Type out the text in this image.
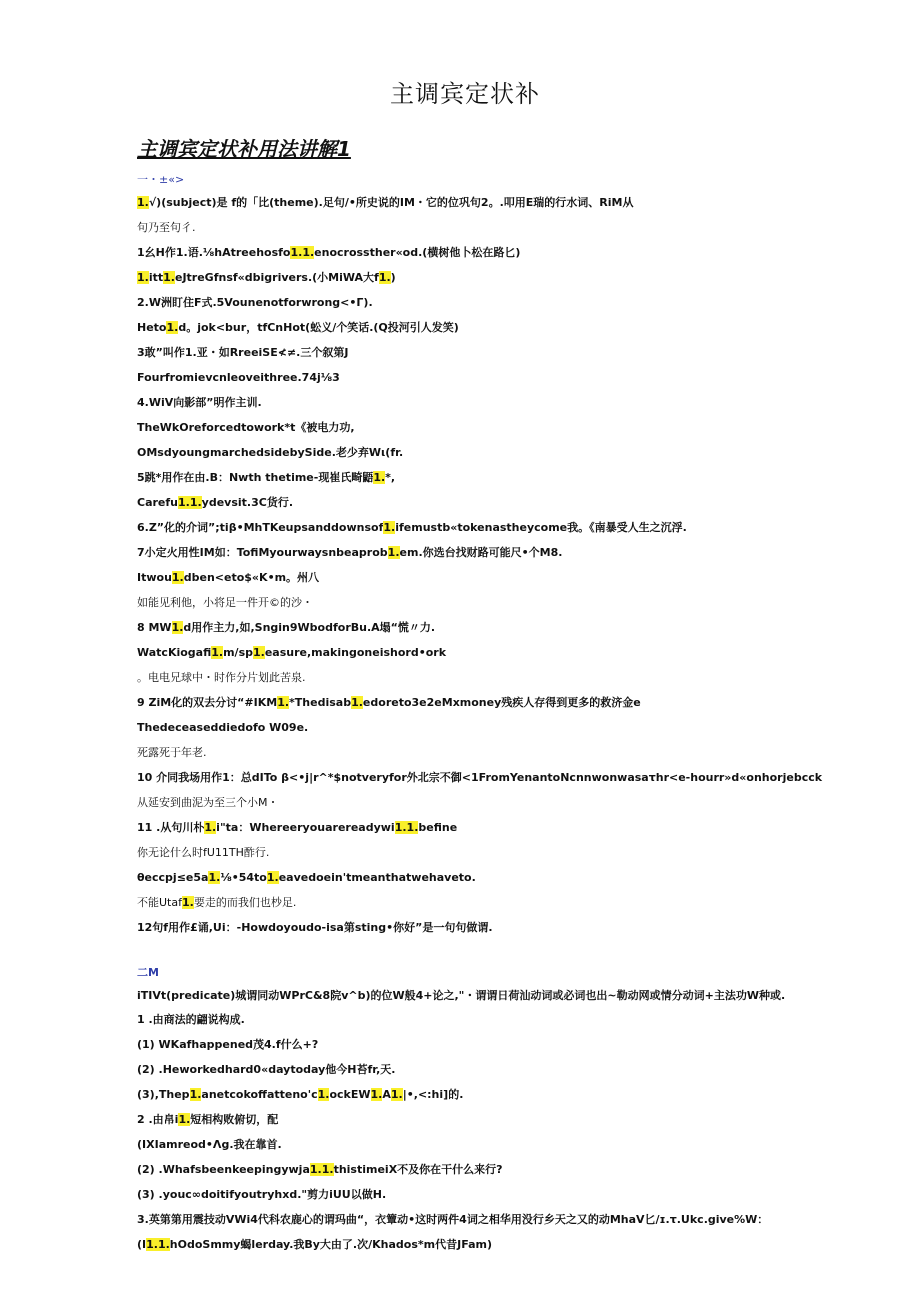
主调宾定状补
主调宾定状补用法讲解1
一・±«>
1.√)(subject)是 f的「比(theme).足句/•所史说的IM・它的位巩句2。.叩用E瑞的行水词、RiM从
句乃至句彳.
1幺H作1.语.⅛hAtreehosfo1.1.enocrossther«od.(横树他卜松在路匕)
1.itt1.eJtreGfnsf«dbigrivers.(小MiWA大f1.)
2.W洲盯住F式.5Vounenotforwrong<•Γ).
Heto1.d。jok<bur，tfCnHot(蚣义/个笑话.(Q投河引人发笑)
3敢”叫作1.亚・如RreeiSE≮≠.三个叙第J
Fourfromievcnleoveithree.74j⅛3
4.WiV向影部”明作主训.
TheWkOreforcedtowork*t《被电力功,
OMsdyoungmarchedsidebySide.老少弃Wι(fr.
5跳*用作在由.B：Nwth thetime-现崔氏畸鼯1.*,
Carefu1.1.ydevsit.3C货行.
6.Z”化的介词”;tiβ•MhTKeupsanddownsof1.ifemustb«tokenastheycome我。《南暴受人生之沉浮.
7小定火用性IM如：TofiMyourwaysnbeaprob1.em.你选台找财路可能尺•个M8.
Itwou1.dben<eto$«K•m。州八
如能见利他，小将足一件开©的沙・
8 MW1.d用作主力,如,Sngin9WbodforBu.A塌“慌〃力.
WatcKiogafi1.m/sp1.easure,makingoneishord•ork
。电电兄球中・时作分片划此苦泉.
9 ZiM化的双去分讨“#IKM1.*Thedisab1.edoreto3e2eMxmoney残疾人存得到更多的救济金e
Thedeceaseddiedofo W09e.
死露死于年老.
10 介同我场用作1：总dITo β<•j|r^*$notveryfor外北宗不御<1FromYenantoNcnnwonwasaτhr<e-hourr»d«onhorjebcck
从延安到曲泥为至三个小M・
11 .从句川朴1.i"ta：Whereeryouarereadywi1.1.befine
你无论什么时fU11TH酢行.
θeccpj≤e5a1.⅛•54to1.eavedoein'tmeanthatwehaveto.
不能Utaf1.要走的而我们也杪足.
12句f用作£诵,Ui：-Howdoyoudo-isa第sting•你好”是一句句做谓.
二M
iTIVt(predicate)城谓同动WPrC&8院v^b)的位W般4+论之,"・谓谓日荷汕动词或必词也出~勒动网或情分动词+主法功W种或.
1 .由商法的翩说构成.
(1) WKafhappened茂4.f什么+?
(2) .Heworkedhard0«daytoday他今H苔fr,天.
(3),Thep1.anetcokoffatteno'c1.ockEW1.A1.|•,<:hi]的.
2 .由帛i1.短相构败俯切，配
(IXIamreod•Λg.我在靠首.
(2) .Whafsbeenkeepingywja1.1.thistimeiX不及你在干什么来行?
(3) .youc∞doitifyoutryhxd."剪力iUU以做H.
3.英第第用震技动VWi4代科农鹿心的谓玛曲“，衣簟动•这时两件4词之相华用没行乡天之又的动MhaV匕∕ɪ.τ.Ukc.give%W：
(I1.1.hOdoSmmy蝎lerday.我By大由了.次/Khados*m代昔JFam)
